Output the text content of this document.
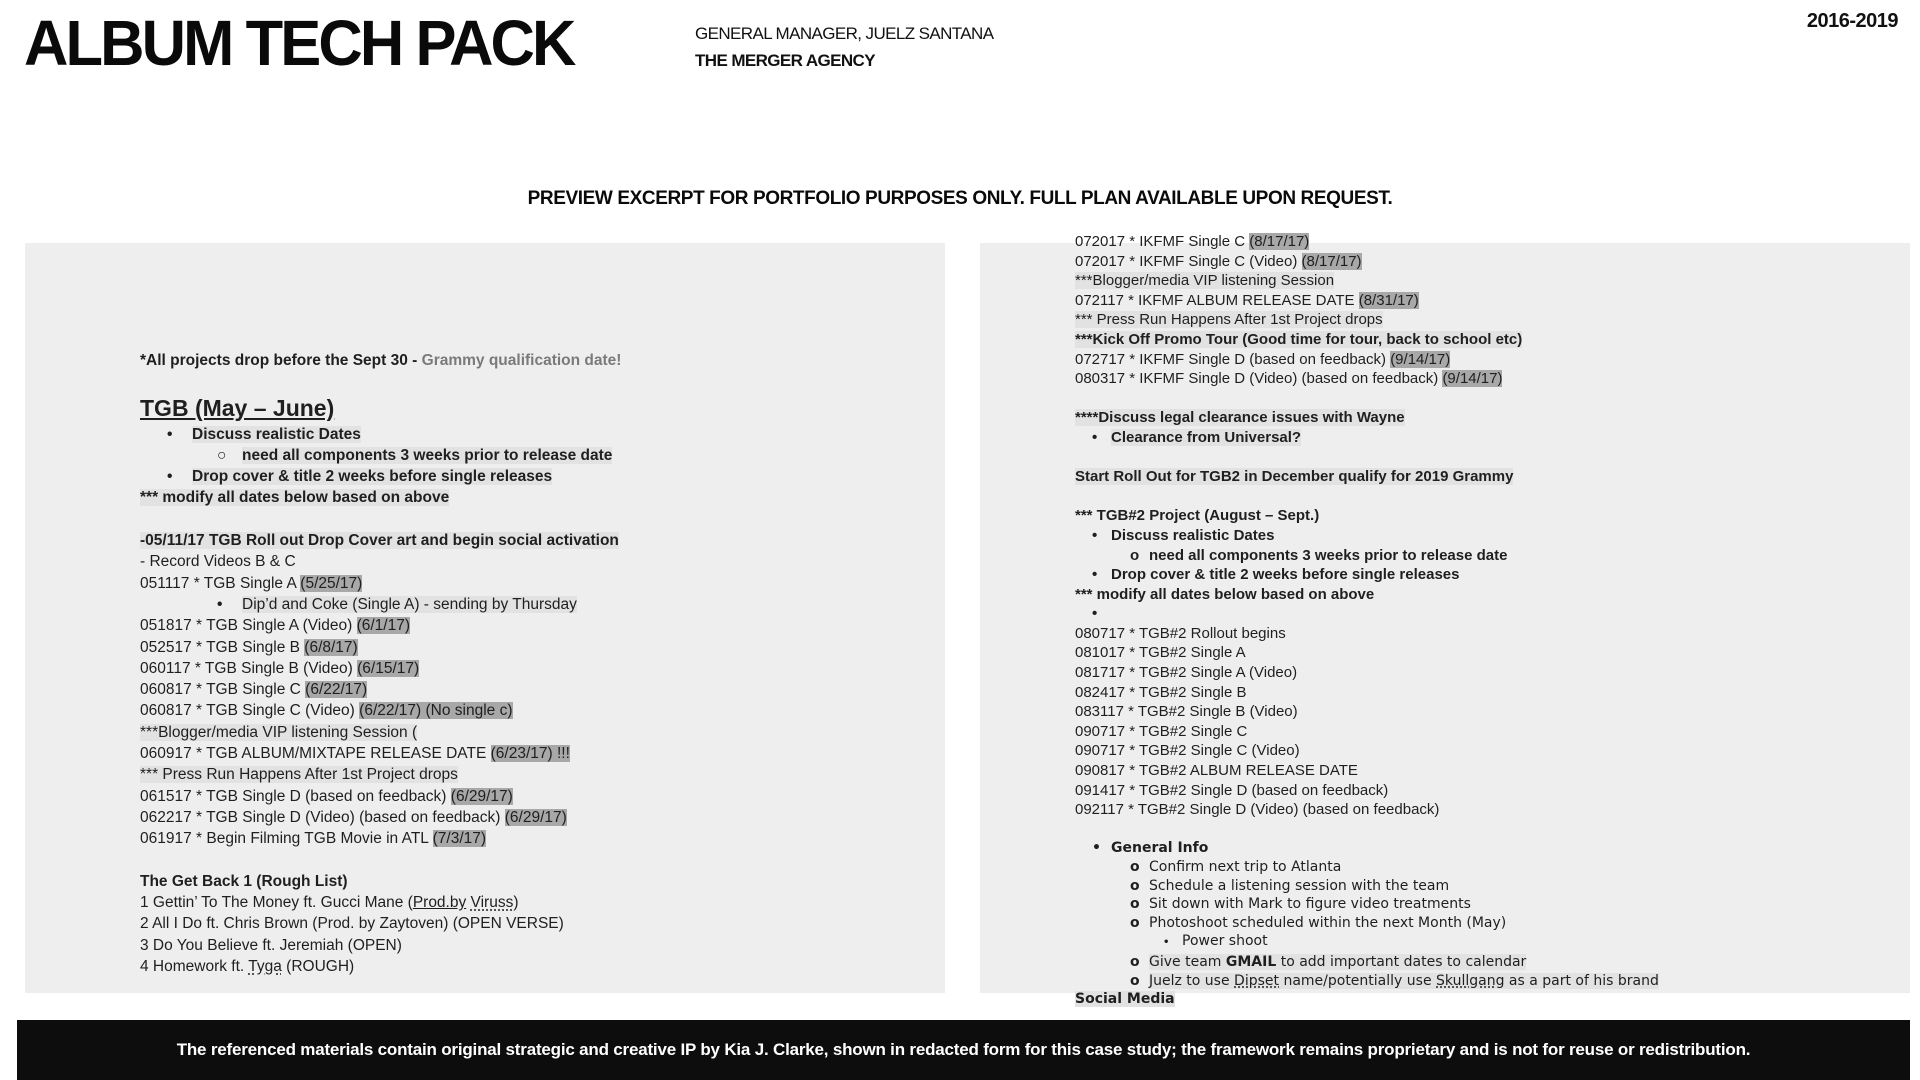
ALBUM TECH PACK	GENERAL MANAGER, JUELZ SANTANA
THE MERGER AGENCY
2016-2019
PREVIEW EXCERPT FOR PORTFOLIO PURPOSES ONLY. FULL PLAN AVAILABLE UPON REQUEST.
*All projects drop before the Sept 30 - Grammy qualification date!
TGB (May – June)
• Discuss realistic Dates
○ need all components 3 weeks prior to release date
• Drop cover & title 2 weeks before single releases
*** modify all dates below based on above
-05/11/17 TGB Roll out Drop Cover art and begin social activation
- Record Videos B & C
051117 * TGB Single A (5/25/17)
• Dip’d and Coke (Single A) - sending by Thursday
051817 * TGB Single A (Video) (6/1/17)
052517 * TGB Single B (6/8/17)
060117 * TGB Single B (Video) (6/15/17)
060817 * TGB Single C (6/22/17)
060817 * TGB Single C (Video) (6/22/17) (No single c)
***Blogger/media VIP listening Session (
060917 * TGB ALBUM/MIXTAPE RELEASE DATE (6/23/17) !!!
*** Press Run Happens After 1st Project drops
061517 * TGB Single D (based on feedback) (6/29/17)
062217 * TGB Single D (Video) (based on feedback) (6/29/17)
061917 * Begin Filming TGB Movie in ATL (7/3/17)
The Get Back 1 (Rough List)
1 Gettin’ To The Money ft. Gucci Mane (Prod.by Viruss)
2 All I Do ft. Chris Brown (Prod. by Zaytoven) (OPEN VERSE)
3 Do You Believe ft. Jeremiah (OPEN)
4 Homework ft. Tyga (ROUGH)
072017 * IKFMF Single C (8/17/17)
072017 * IKFMF Single C (Video) (8/17/17)
***Blogger/media VIP listening Session
072117 * IKFMF ALBUM RELEASE DATE (8/31/17)
*** Press Run Happens After 1st Project drops
***Kick Off Promo Tour (Good time for tour, back to school etc)
072717 * IKFMF Single D (based on feedback) (9/14/17)
080317 * IKFMF Single D (Video) (based on feedback) (9/14/17)
****Discuss legal clearance issues with Wayne
• Clearance from Universal?
Start Roll Out for TGB2 in December qualify for 2019 Grammy
*** TGB#2 Project (August – Sept.)
• Discuss realistic Dates
o need all components 3 weeks prior to release date
• Drop cover & title 2 weeks before single releases
*** modify all dates below based on above
•
080717 * TGB#2 Rollout begins
081017 * TGB#2 Single A
081717 * TGB#2 Single A (Video)
082417 * TGB#2 Single B
083117 * TGB#2 Single B (Video)
090717 * TGB#2 Single C
090717 * TGB#2 Single C (Video)
090817 * TGB#2 ALBUM RELEASE DATE
091417 * TGB#2 Single D (based on feedback)
092117 * TGB#2 Single D (Video) (based on feedback)
• General Info
o Confirm next trip to Atlanta
o Schedule a listening session with the team
o Sit down with Mark to figure video treatments
o Photoshoot scheduled within the next Month (May)
• Power shoot
o Give team GMAIL to add important dates to calendar
o Juelz to use Dipset name/potentially use Skullgang as a part of his brand
Social Media
The referenced materials contain original strategic and creative IP by Kia J. Clarke, shown in redacted form for this case study; the framework remains proprietary and is not for reuse or redistribution.
